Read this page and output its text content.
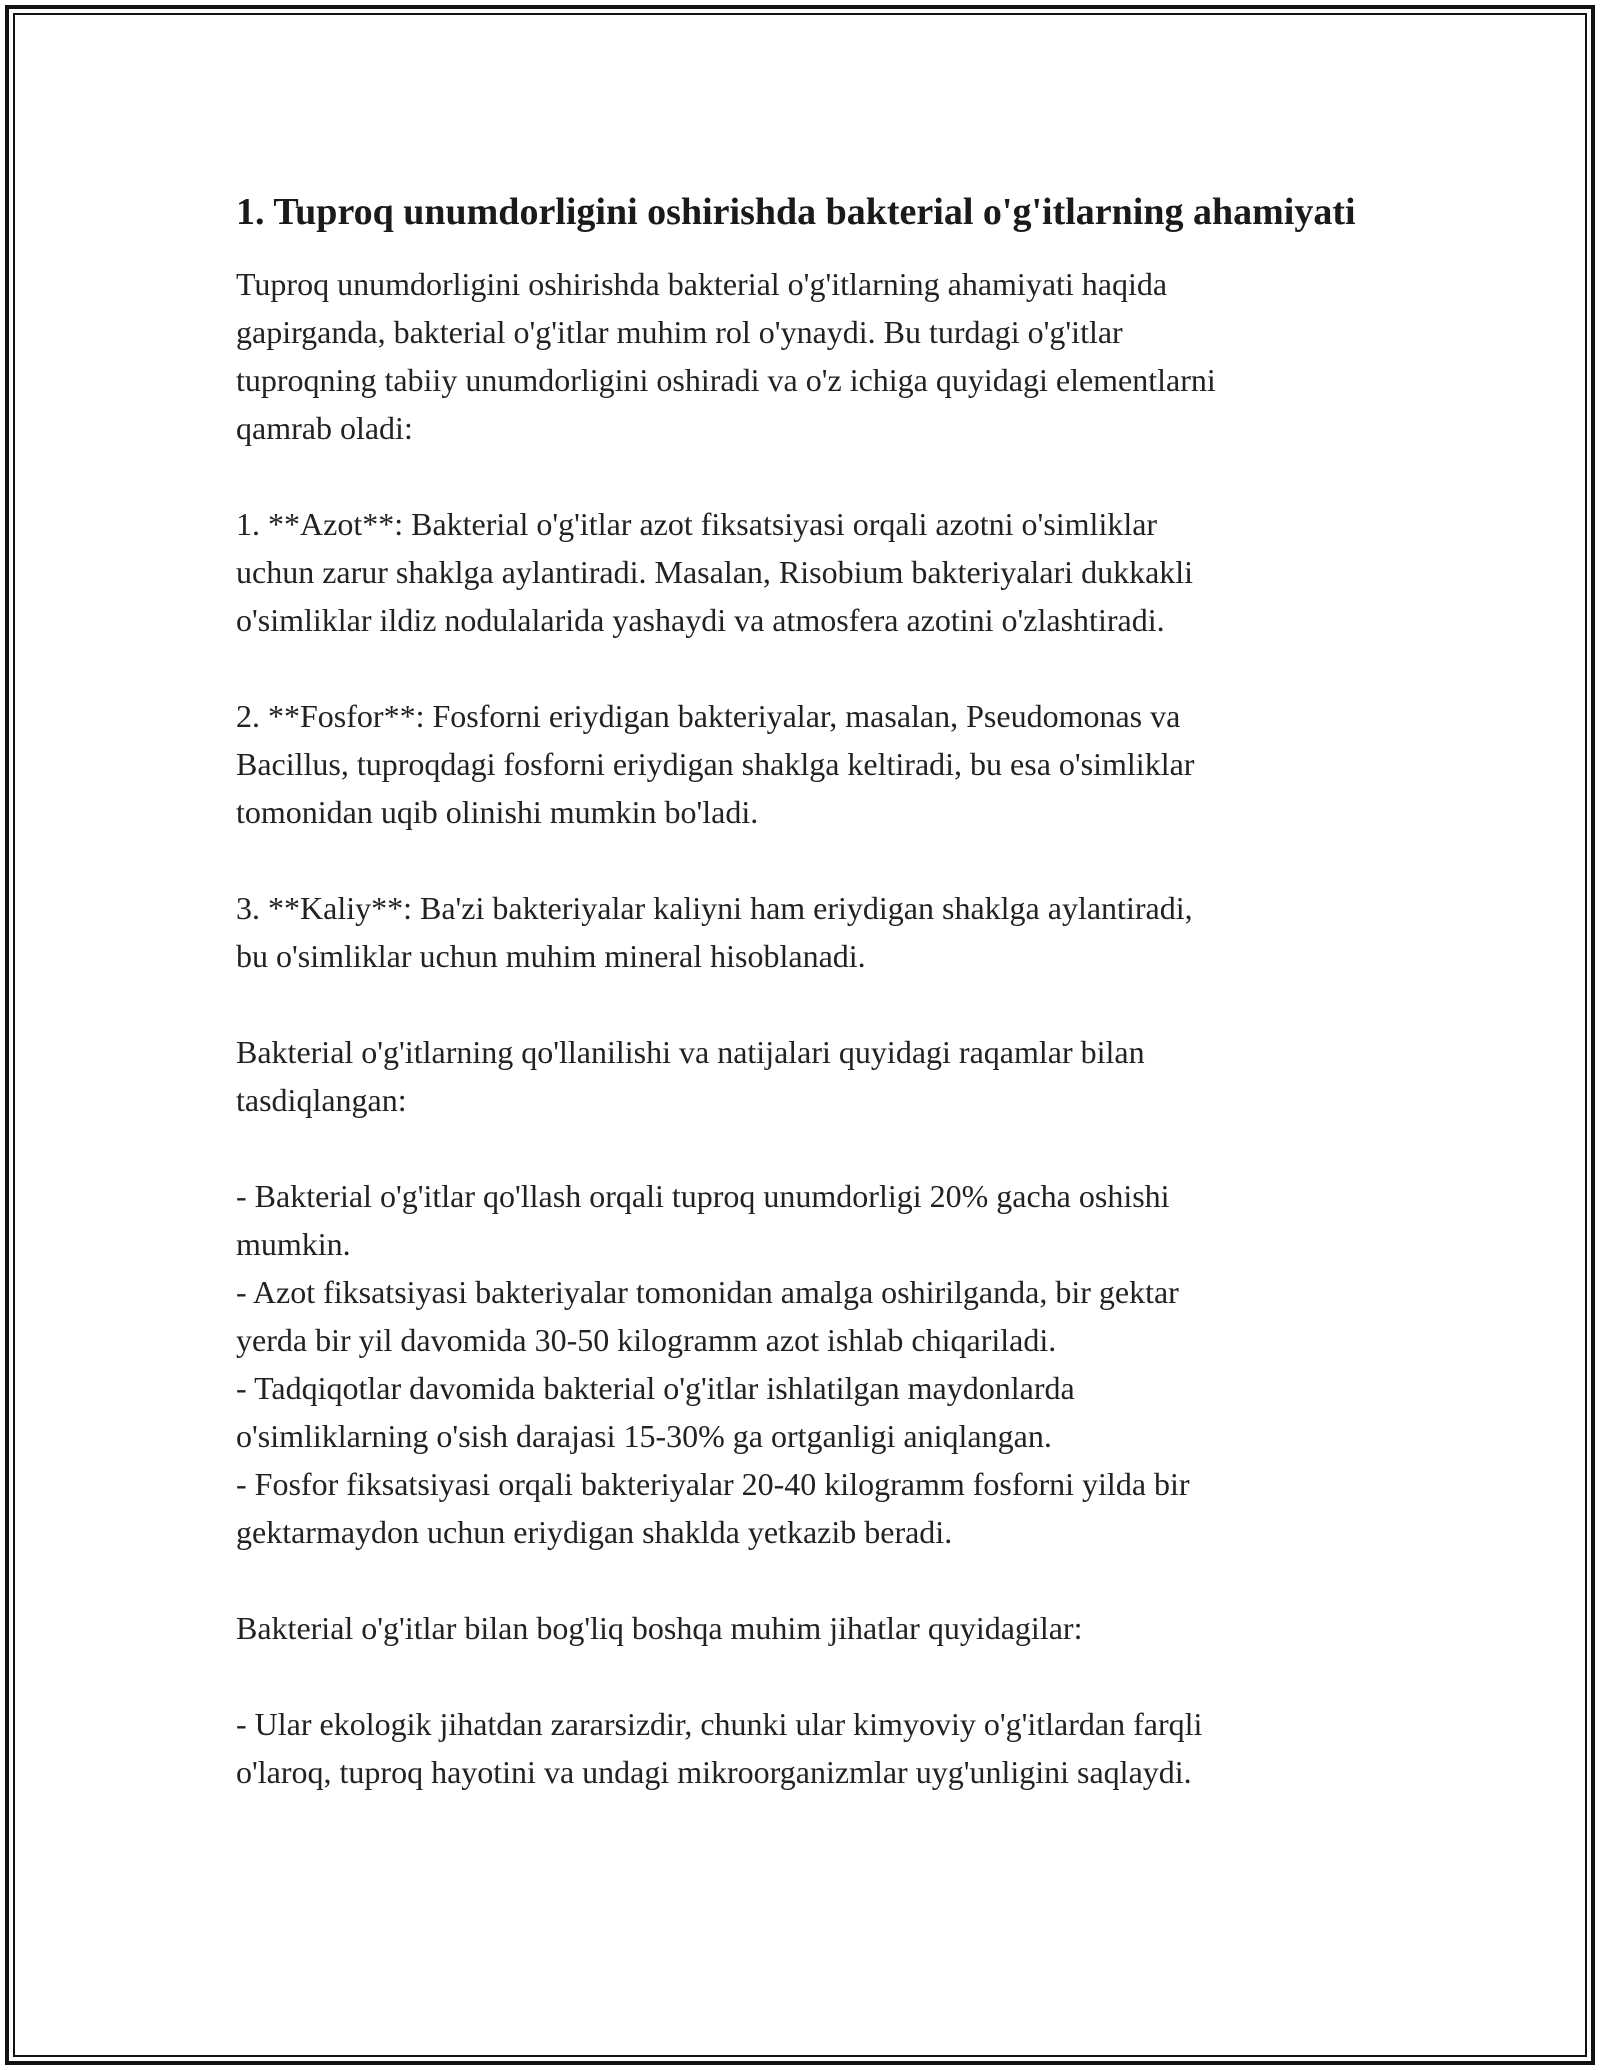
1. Tuproq unumdorligini oshirishda bakterial o'g'itlarning ahamiyati

Tuproq unumdorligini oshirishda bakterial o'g'itlarning ahamiyati haqida
gapirganda, bakterial o'g'itlar muhim rol o'ynaydi. Bu turdagi o'g'itlar
tuproqning tabiiy unumdorligini oshiradi va o'z ichiga quyidagi elementlarni
qamrab oladi:

1. **Azot**: Bakterial o'g'itlar azot fiksatsiyasi orqali azotni o'simliklar
uchun zarur shaklga aylantiradi. Masalan, Risobium bakteriyalari dukkakli
o'simliklar ildiz nodulalarida yashaydi va atmosfera azotini o'zlashtiradi.

2. **Fosfor**: Fosforni eriydigan bakteriyalar, masalan, Pseudomonas va
Bacillus, tuproqdagi fosforni eriydigan shaklga keltiradi, bu esa o'simliklar
tomonidan uqib olinishi mumkin bo'ladi.

3. **Kaliy**: Ba'zi bakteriyalar kaliyni ham eriydigan shaklga aylantiradi,
bu o'simliklar uchun muhim mineral hisoblanadi.

Bakterial o'g'itlarning qo'llanilishi va natijalari quyidagi raqamlar bilan
tasdiqlangan:

- Bakterial o'g'itlar qo'llash orqali tuproq unumdorligi 20% gacha oshishi
mumkin.
- Azot fiksatsiyasi bakteriyalar tomonidan amalga oshirilganda, bir gektar
yerda bir yil davomida 30-50 kilogramm azot ishlab chiqariladi.
- Tadqiqotlar davomida bakterial o'g'itlar ishlatilgan maydonlarda
o'simliklarning o'sish darajasi 15-30% ga ortganligi aniqlangan.
- Fosfor fiksatsiyasi orqali bakteriyalar 20-40 kilogramm fosforni yilda bir
gektarmaydon uchun eriydigan shaklda yetkazib beradi.

Bakterial o'g'itlar bilan bog'liq boshqa muhim jihatlar quyidagilar:

- Ular ekologik jihatdan zararsizdir, chunki ular kimyoviy o'g'itlardan farqli
o'laroq, tuproq hayotini va undagi mikroorganizmlar uyg'unligini saqlaydi.
